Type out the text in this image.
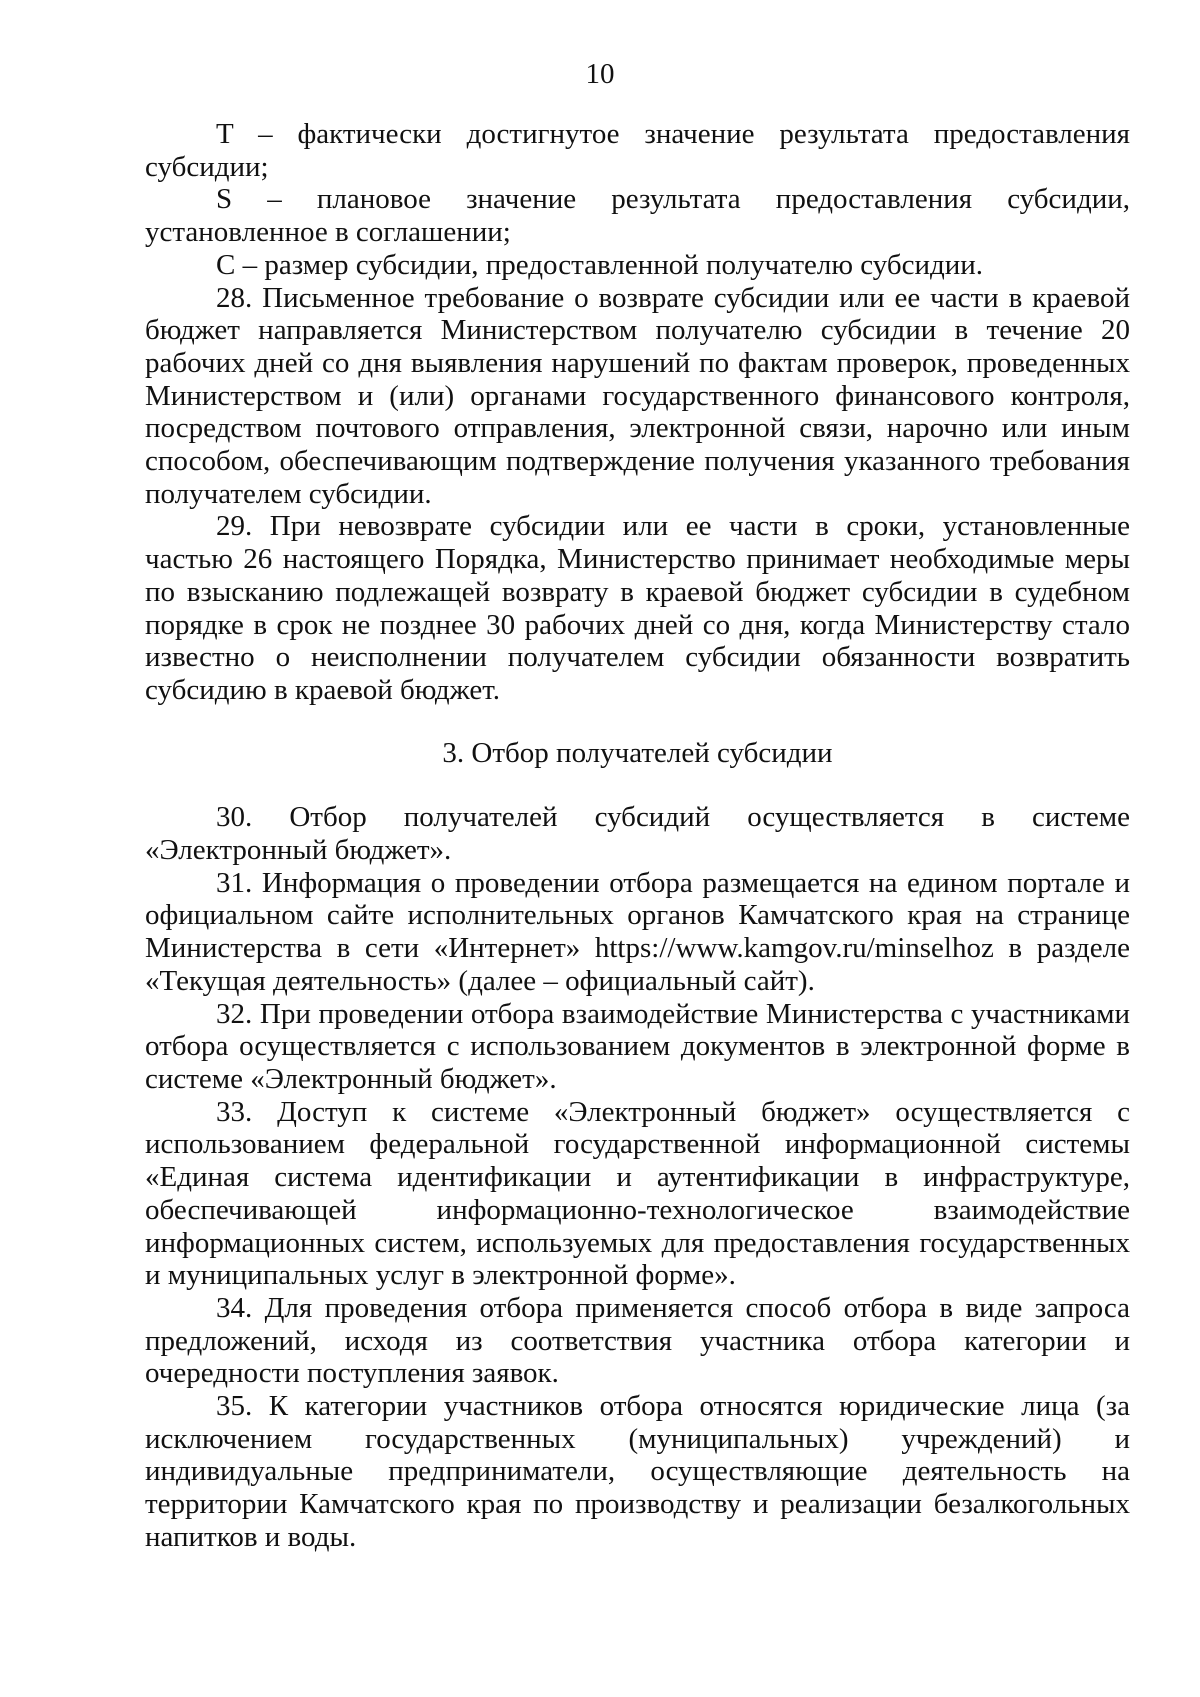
10

T – фактически достигнутое значение результата предоставления субсидии;

S – плановое значение результата предоставления субсидии, установленное в соглашении;

C – размер субсидии, предоставленной получателю субсидии.

28. Письменное требование о возврате субсидии или ее части в краевой бюджет направляется Министерством получателю субсидии в течение 20 рабочих дней со дня выявления нарушений по фактам проверок, проведенных Министерством и (или) органами государственного финансового контроля, посредством почтового отправления, электронной связи, нарочно или иным способом, обеспечивающим подтверждение получения указанного требования получателем субсидии.

29. При невозврате субсидии или ее части в сроки, установленные частью 26 настоящего Порядка, Министерство принимает необходимые меры по взысканию подлежащей возврату в краевой бюджет субсидии в судебном порядке в срок не позднее 30 рабочих дней со дня, когда Министерству стало известно о неисполнении получателем субсидии обязанности возвратить субсидию в краевой бюджет.

3. Отбор получателей субсидии

30. Отбор получателей субсидий осуществляется в системе «Электронный бюджет».

31. Информация о проведении отбора размещается на едином портале и официальном сайте исполнительных органов Камчатского края на странице Министерства в сети «Интернет» https://www.kamgov.ru/minselhoz в разделе «Текущая деятельность» (далее – официальный сайт).

32. При проведении отбора взаимодействие Министерства с участниками отбора осуществляется с использованием документов в электронной форме в системе «Электронный бюджет».

33. Доступ к системе «Электронный бюджет» осуществляется с использованием федеральной государственной информационной системы «Единая система идентификации и аутентификации в инфраструктуре, обеспечивающей информационно-технологическое взаимодействие информационных систем, используемых для предоставления государственных и муниципальных услуг в электронной форме».

34. Для проведения отбора применяется способ отбора в виде запроса предложений, исходя из соответствия участника отбора категории и очередности поступления заявок.

35. К категории участников отбора относятся юридические лица (за исключением государственных (муниципальных) учреждений) и индивидуальные предприниматели, осуществляющие деятельность на территории Камчатского края по производству и реализации безалкогольных напитков и воды.
